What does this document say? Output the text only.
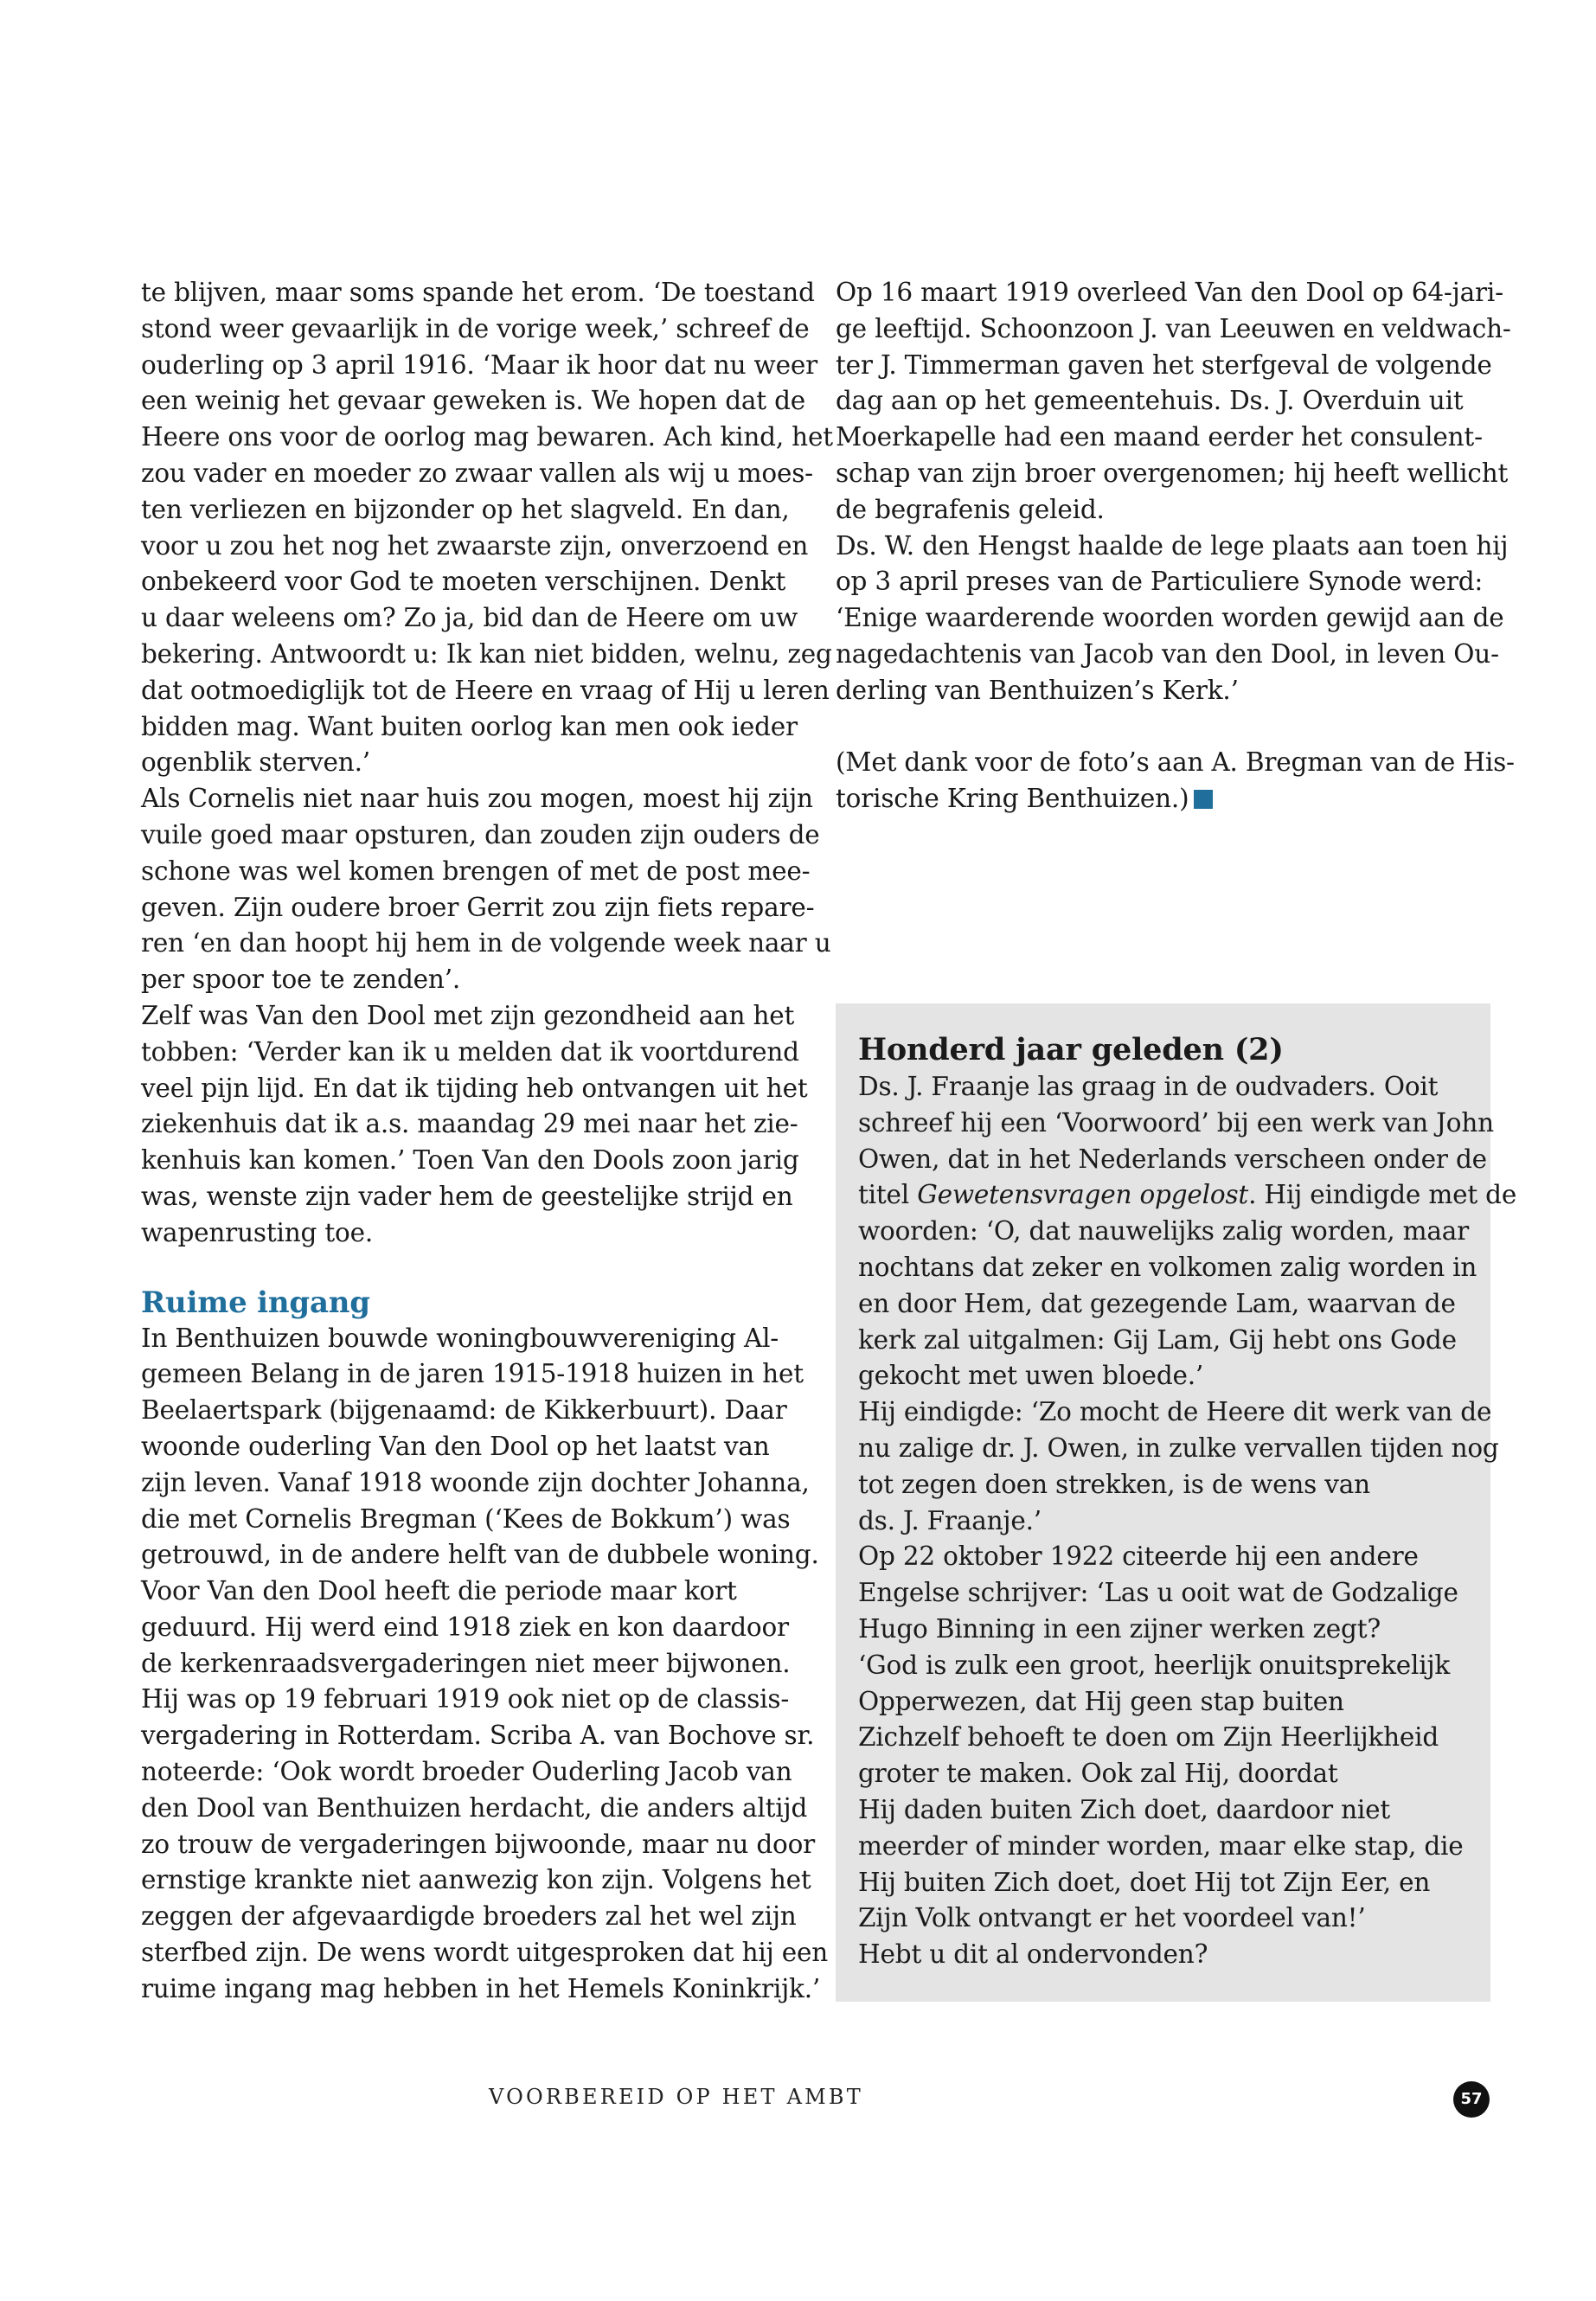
te blijven, maar soms spande het erom. ‘De toestand
stond weer gevaarlijk in de vorige week,’ schreef de
ouderling op 3 april 1916. ‘Maar ik hoor dat nu weer
een weinig het gevaar geweken is. We hopen dat de
Heere ons voor de oorlog mag bewaren. Ach kind, het
zou vader en moeder zo zwaar vallen als wij u moes-
ten verliezen en bijzonder op het slagveld. En dan,
voor u zou het nog het zwaarste zijn, onverzoend en
onbekeerd voor God te moeten verschijnen. Denkt
u daar weleens om? Zo ja, bid dan de Heere om uw
bekering. Antwoordt u: Ik kan niet bidden, welnu, zeg
dat ootmoediglijk tot de Heere en vraag of Hij u leren
bidden mag. Want buiten oorlog kan men ook ieder
ogenblik sterven.’

Als Cornelis niet naar huis zou mogen, moest hij zijn
vuile goed maar opsturen, dan zouden zijn ouders de
schone was wel komen brengen of met de post mee-
geven. Zijn oudere broer Gerrit zou zijn fiets repare-
ren ‘en dan hoopt hij hem in de volgende week naar u
per spoor toe te zenden’.

Zelf was Van den Dool met zijn gezondheid aan het
tobben: ‘Verder kan ik u melden dat ik voortdurend
veel pijn lijd. En dat ik tijding heb ontvangen uit het
ziekenhuis dat ik a.s. maandag 29 mei naar het zie-
kenhuis kan komen.’ Toen Van den Dools zoon jarig
was, wenste zijn vader hem de geestelijke strijd en
wapenrusting toe.

Ruime ingang

In Benthuizen bouwde woningbouwvereniging Al-
gemeen Belang in de jaren 1915-1918 huizen in het
Beelaertspark (bijgenaamd: de Kikkerbuurt). Daar
woonde ouderling Van den Dool op het laatst van
zijn leven. Vanaf 1918 woonde zijn dochter Johanna,
die met Cornelis Bregman (‘Kees de Bokkum’) was
getrouwd, in de andere helft van de dubbele woning.
Voor Van den Dool heeft die periode maar kort
geduurd. Hij werd eind 1918 ziek en kon daardoor
de kerkenraadsvergaderingen niet meer bijwonen.

Hij was op 19 februari 1919 ook niet op de classis-
vergadering in Rotterdam. Scriba A. van Bochove sr.
noteerde: ‘Ook wordt broeder Ouderling Jacob van
den Dool van Benthuizen herdacht, die anders altijd
zo trouw de vergaderingen bijwoonde, maar nu door
ernstige krankte niet aanwezig kon zijn. Volgens het
zeggen der afgevaardigde broeders zal het wel zijn
sterfbed zijn. De wens wordt uitgesproken dat hij een
ruime ingang mag hebben in het Hemels Koninkrijk.’

Op 16 maart 1919 overleed Van den Dool op 64-jari-
ge leeftijd. Schoonzoon J. van Leeuwen en veldwach-
ter J. Timmerman gaven het sterfgeval de volgende
dag aan op het gemeentehuis. Ds. J. Overduin uit
Moerkapelle had een maand eerder het consulent-
schap van zijn broer overgenomen; hij heeft wellicht
de begrafenis geleid.

Ds. W. den Hengst haalde de lege plaats aan toen hij
op 3 april preses van de Particuliere Synode werd:
‘Enige waarderende woorden worden gewijd aan de
nagedachtenis van Jacob van den Dool, in leven Ou-
derling van Benthuizen’s Kerk.’

(Met dank voor de foto’s aan A. Bregman van de His-
torische Kring Benthuizen.)

Honderd jaar geleden (2)

Ds. J. Fraanje las graag in de oudvaders. Ooit
schreef hij een ‘Voorwoord’ bij een werk van John
Owen, dat in het Nederlands verscheen onder de
titel Gewetensvragen opgelost. Hij eindigde met de
woorden: ‘O, dat nauwelijks zalig worden, maar
nochtans dat zeker en volkomen zalig worden in
en door Hem, dat gezegende Lam, waarvan de
kerk zal uitgalmen: Gij Lam, Gij hebt ons Gode
gekocht met uwen bloede.’

Hij eindigde: ‘Zo mocht de Heere dit werk van de
nu zalige dr. J. Owen, in zulke vervallen tijden nog
tot zegen doen strekken, is de wens van
ds. J. Fraanje.’

Op 22 oktober 1922 citeerde hij een andere
Engelse schrijver: ‘Las u ooit wat de Godzalige
Hugo Binning in een zijner werken zegt?

‘God is zulk een groot, heerlijk onuitsprekelijk
Opperwezen, dat Hij geen stap buiten
Zichzelf behoeft te doen om Zijn Heerlijkheid
groter te maken. Ook zal Hij, doordat
Hij daden buiten Zich doet, daardoor niet
meerder of minder worden, maar elke stap, die
Hij buiten Zich doet, doet Hij tot Zijn Eer, en
Zijn Volk ontvangt er het voordeel van!’

Hebt u dit al ondervonden?

VOORBEREID OP HET AMBT	57
